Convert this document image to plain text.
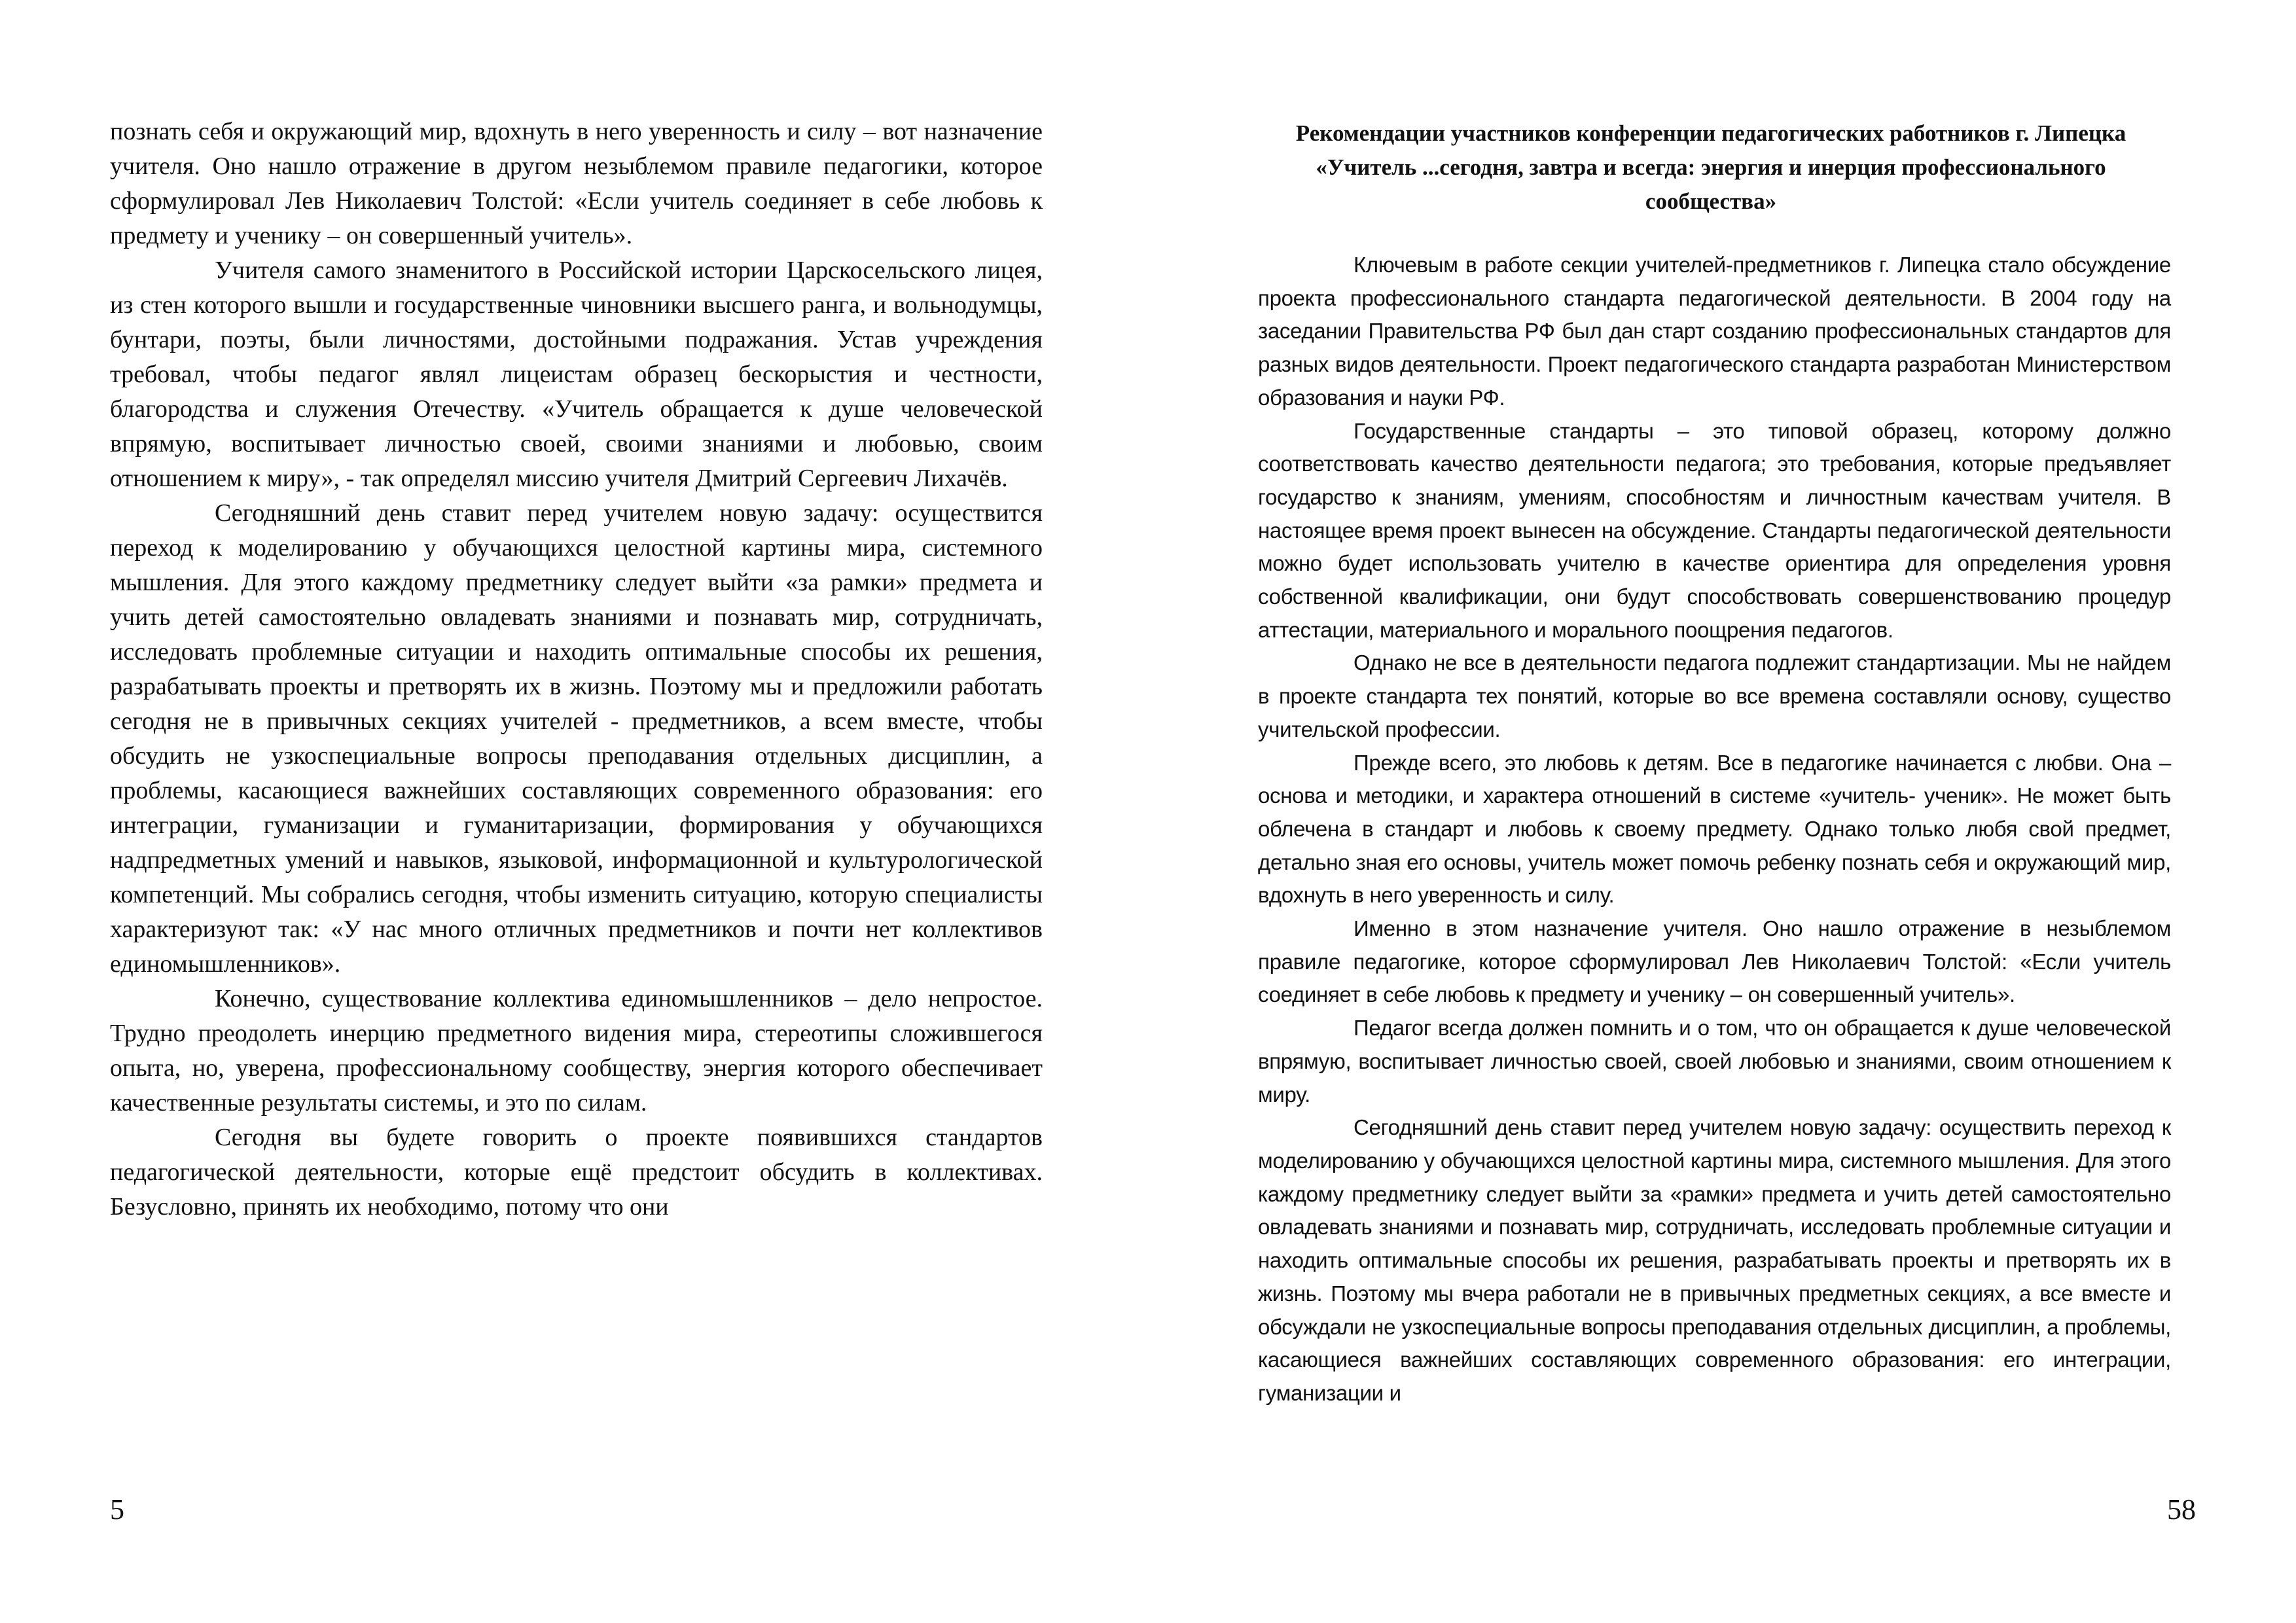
познать себя и окружающий мир, вдохнуть в него уверенность и силу – вот назначение учителя. Оно нашло отражение в другом незыблемом правиле педагогики, которое сформулировал Лев Николаевич Толстой: «Если учитель соединяет в себе любовь к предмету и ученику – он совершенный учитель».

Учителя самого знаменитого в Российской истории Царскосельского лицея, из стен которого вышли и государственные чиновники высшего ранга, и вольнодумцы, бунтари, поэты, были личностями, достойными подражания. Устав учреждения требовал, чтобы педагог являл лицеистам образец бескорыстия и честности, благородства и служения Отечеству. «Учитель обращается к душе человеческой впрямую, воспитывает личностью своей, своими знаниями и любовью, своим отношением к миру», - так определял миссию учителя Дмитрий Сергеевич Лихачёв.

Сегодняшний день ставит перед учителем новую задачу: осуществится переход к моделированию у обучающихся целостной картины мира, системного мышления. Для этого каждому предметнику следует выйти «за рамки» предмета и учить детей самостоятельно овладевать знаниями и познавать мир, сотрудничать, исследовать проблемные ситуации и находить оптимальные способы их решения, разрабатывать проекты и претворять их в жизнь. Поэтому мы и предложили работать сегодня не в привычных секциях учителей - предметников, а всем вместе, чтобы обсудить не узкоспециальные вопросы преподавания отдельных дисциплин, а проблемы, касающиеся важнейших составляющих современного образования: его интеграции, гуманизации и гуманитаризации, формирования у обучающихся надпредметных умений и навыков, языковой, информационной и культурологической компетенций. Мы собрались сегодня, чтобы изменить ситуацию, которую специалисты характеризуют так: «У нас много отличных предметников и почти нет коллективов единомышленников».

Конечно, существование коллектива единомышленников – дело непростое. Трудно преодолеть инерцию предметного видения мира, стереотипы сложившегося опыта, но, уверена, профессиональному сообществу, энергия которого обеспечивает качественные результаты системы, и это по силам.

Сегодня вы будете говорить о проекте появившихся стандартов педагогической деятельности, которые ещё предстоит обсудить в коллективах. Безусловно, принять их необходимо, потому что они

5
Рекомендации участников конференции педагогических работников г. Липецка «Учитель ...сегодня, завтра и всегда: энергия и инерция профессионального сообщества»

Ключевым в работе секции учителей-предметников г. Липецка стало обсуждение проекта профессионального стандарта педагогической деятельности. В 2004 году на заседании Правительства РФ был дан старт созданию профессиональных стандартов для разных видов деятельности. Проект педагогического стандарта разработан Министерством образования и науки РФ.

Государственные стандарты – это типовой образец, которому должно соответствовать качество деятельности педагога; это требования, которые предъявляет государство к знаниям, умениям, способностям и личностным качествам учителя. В настоящее время проект вынесен на обсуждение. Стандарты педагогической деятельности можно будет использовать учителю в качестве ориентира для определения уровня собственной квалификации, они будут способствовать совершенствованию процедур аттестации, материального и морального поощрения педагогов.

Однако не все в деятельности педагога подлежит стандартизации. Мы не найдем в проекте стандарта тех понятий, которые во все времена составляли основу, существо учительской профессии.

Прежде всего, это любовь к детям. Все в педагогике начинается с любви. Она – основа и методики, и характера отношений в системе «учитель- ученик». Не может быть облечена в стандарт и любовь к своему предмету. Однако только любя свой предмет, детально зная его основы, учитель может помочь ребенку познать себя и окружающий мир, вдохнуть в него уверенность и силу.

Именно в этом назначение учителя. Оно нашло отражение в незыблемом правиле педагогике, которое сформулировал Лев Николаевич Толстой: «Если учитель соединяет в себе любовь к предмету и ученику – он совершенный учитель».

Педагог всегда должен помнить и о том, что он обращается к душе человеческой впрямую, воспитывает личностью своей, своей любовью и знаниями, своим отношением к миру.

Сегодняшний день ставит перед учителем новую задачу: осуществить переход к моделированию у обучающихся целостной картины мира, системного мышления. Для этого каждому предметнику следует выйти за «рамки» предмета и учить детей самостоятельно овладевать знаниями и познавать мир, сотрудничать, исследовать проблемные ситуации и находить оптимальные способы их решения, разрабатывать проекты и претворять их в жизнь. Поэтому мы вчера работали не в привычных предметных секциях, а все вместе и обсуждали не узкоспециальные вопросы преподавания отдельных дисциплин, а проблемы, касающиеся важнейших составляющих современного образования: его интеграции, гуманизации и

58
